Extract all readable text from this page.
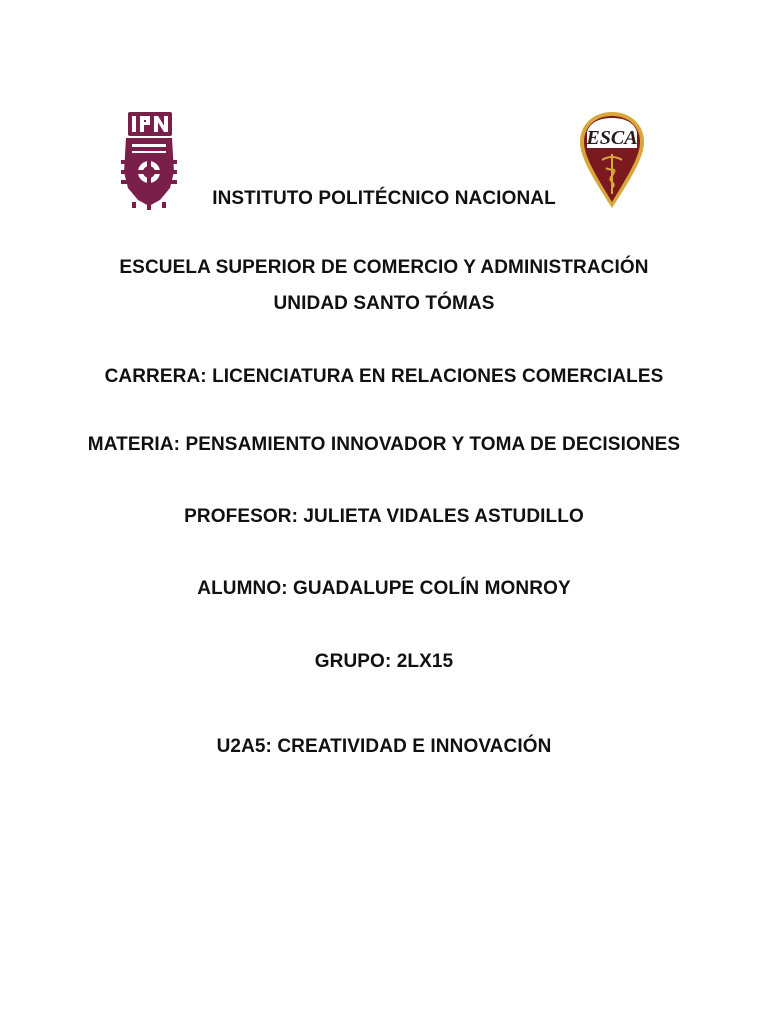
ESCA
INSTITUTO POLITÉCNICO NACIONAL
ESCUELA SUPERIOR DE COMERCIO Y ADMINISTRACIÓN
UNIDAD SANTO TÓMAS
CARRERA: LICENCIATURA EN RELACIONES COMERCIALES
MATERIA: PENSAMIENTO INNOVADOR Y TOMA DE DECISIONES
PROFESOR: JULIETA VIDALES ASTUDILLO
ALUMNO: GUADALUPE COLÍN MONROY
GRUPO: 2LX15
U2A5: CREATIVIDAD E INNOVACIÓN
